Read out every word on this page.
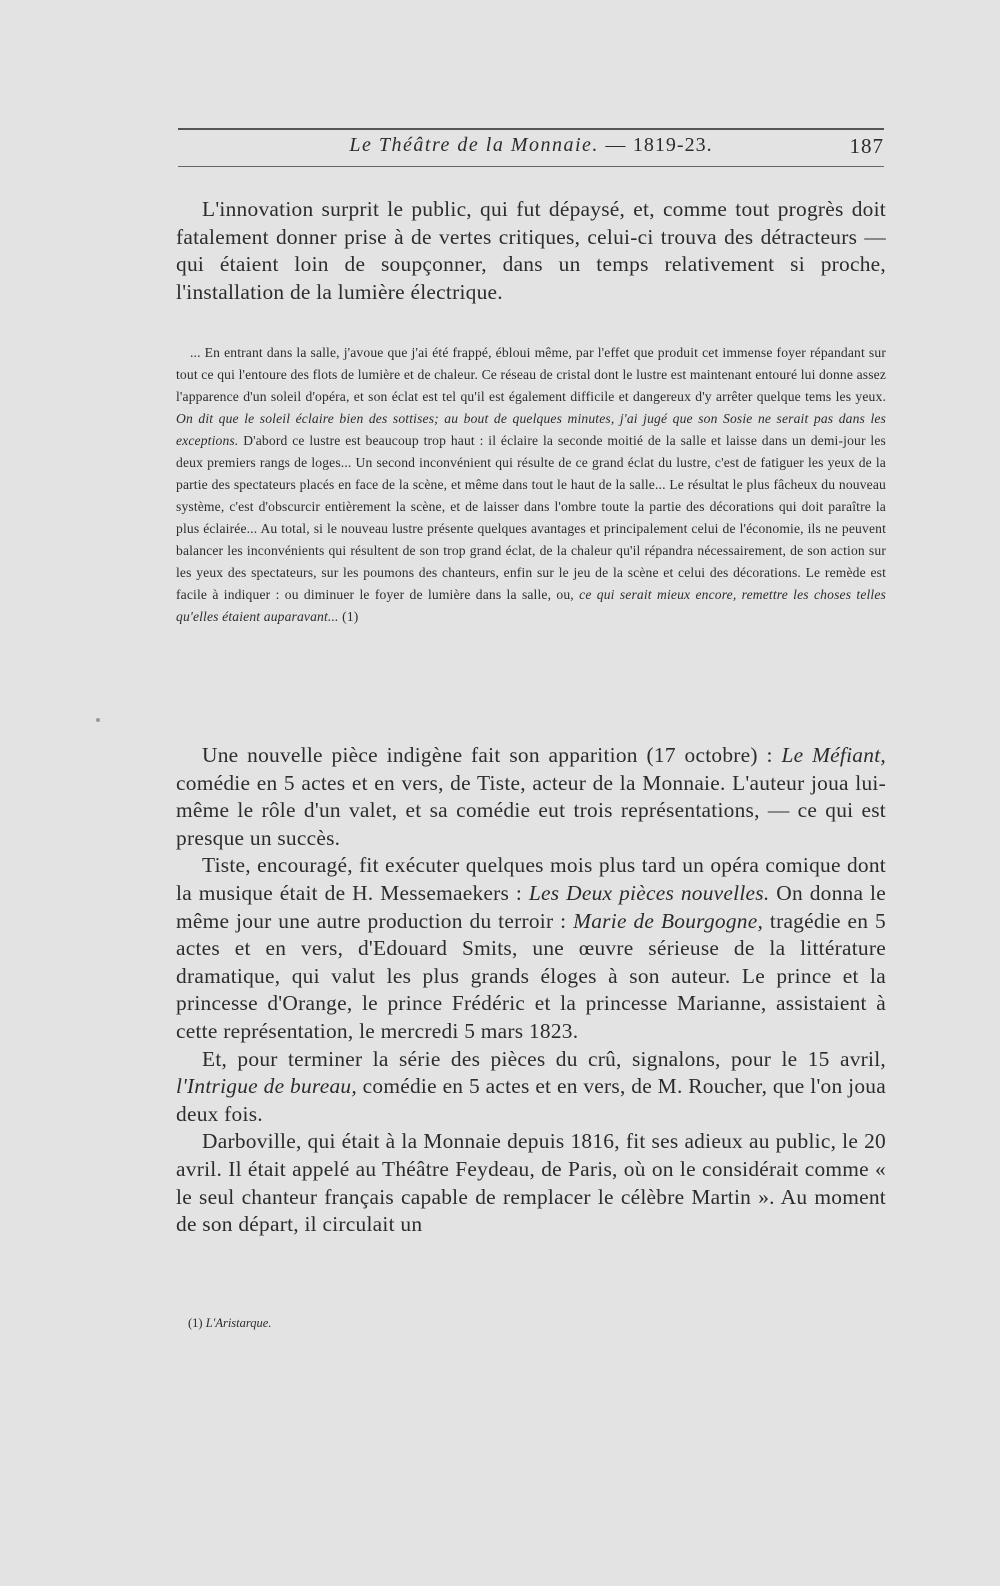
Le Théâtre de la Monnaie. — 1819-23.	187

L'innovation surprit le public, qui fut dépaysé, et, comme tout progrès doit fatalement donner prise à de vertes critiques, celui-ci trouva des détracteurs — qui étaient loin de soupçonner, dans un temps relativement si proche, l'installation de la lumière électrique.

... En entrant dans la salle, j'avoue que j'ai été frappé, ébloui même, par l'effet que produit cet immense foyer répandant sur tout ce qui l'entoure des flots de lumière et de chaleur. Ce réseau de cristal dont le lustre est maintenant entouré lui donne assez l'apparence d'un soleil d'opéra, et son éclat est tel qu'il est également difficile et dangereux d'y arrêter quelque tems les yeux. On dit que le soleil éclaire bien des sottises; au bout de quelques minutes, j'ai jugé que son Sosie ne serait pas dans les exceptions. D'abord ce lustre est beaucoup trop haut : il éclaire la seconde moitié de la salle et laisse dans un demi-jour les deux premiers rangs de loges... Un second inconvénient qui résulte de ce grand éclat du lustre, c'est de fatiguer les yeux de la partie des spectateurs placés en face de la scène, et même dans tout le haut de la salle... Le résultat le plus fâcheux du nouveau système, c'est d'obscurcir entièrement la scène, et de laisser dans l'ombre toute la partie des décorations qui doit paraître la plus éclairée... Au total, si le nouveau lustre présente quelques avantages et principalement celui de l'économie, ils ne peuvent balancer les inconvénients qui résultent de son trop grand éclat, de la chaleur qu'il répandra nécessairement, de son action sur les yeux des spectateurs, sur les poumons des chanteurs, enfin sur le jeu de la scène et celui des décorations. Le remède est facile à indiquer : ou diminuer le foyer de lumière dans la salle, ou, ce qui serait mieux encore, remettre les choses telles qu'elles étaient auparavant... (1)

Une nouvelle pièce indigène fait son apparition (17 octobre) : Le Méfiant, comédie en 5 actes et en vers, de Tiste, acteur de la Monnaie. L'auteur joua lui-même le rôle d'un valet, et sa comédie eut trois représentations, — ce qui est presque un succès.

Tiste, encouragé, fit exécuter quelques mois plus tard un opéra comique dont la musique était de H. Messemaekers : Les Deux pièces nouvelles. On donna le même jour une autre production du terroir : Marie de Bourgogne, tragédie en 5 actes et en vers, d'Edouard Smits, une œuvre sérieuse de la littérature dramatique, qui valut les plus grands éloges à son auteur. Le prince et la princesse d'Orange, le prince Frédéric et la princesse Marianne, assistaient à cette représentation, le mercredi 5 mars 1823.

Et, pour terminer la série des pièces du crû, signalons, pour le 15 avril, l'Intrigue de bureau, comédie en 5 actes et en vers, de M. Roucher, que l'on joua deux fois.

Darboville, qui était à la Monnaie depuis 1816, fit ses adieux au public, le 20 avril. Il était appelé au Théâtre Feydeau, de Paris, où on le considérait comme « le seul chanteur français capable de remplacer le célèbre Martin ». Au moment de son départ, il circulait un

(1) L'Aristarque.
